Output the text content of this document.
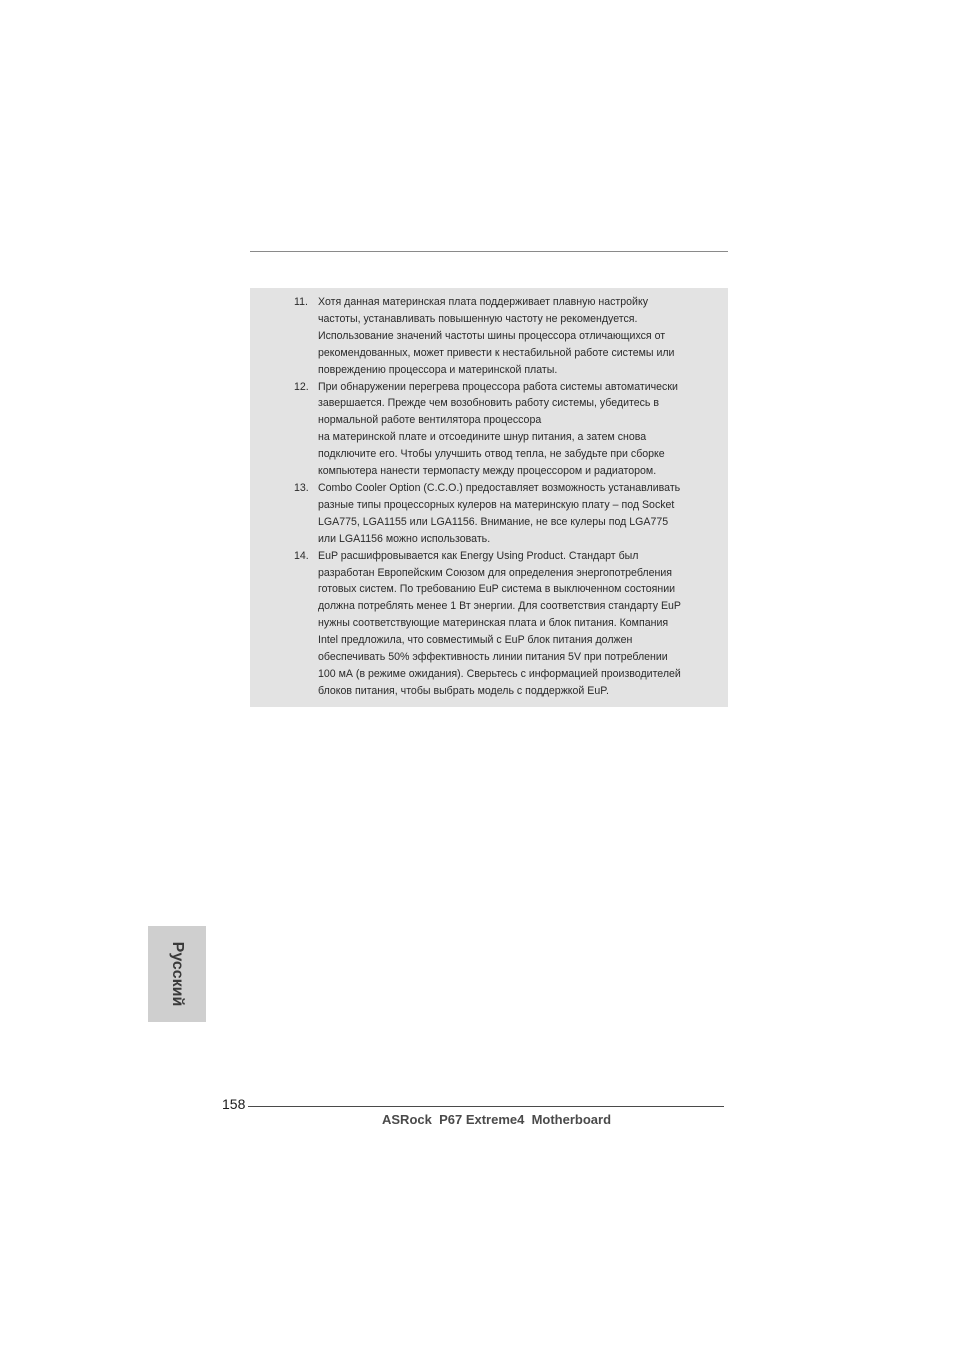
11. Хотя данная материнская плата поддерживает плавную настройку
частоты, устанавливать повышенную частоту не рекомендуется.
Использование значений частоты шины процессора отличающихся от
рекомендованных, может привести к нестабильной работе системы или
повреждению процессора и материнской платы.
12. При обнаружении перегрева процессора работа системы автоматически
завершается. Прежде чем возобновить работу системы, убедитесь в
нормальной работе вентилятора процессора
на материнской плате и отсоедините шнур питания, а затем снова
подключите его. Чтобы улучшить отвод тепла, не забудьте при сборке
компьютера нанести термопасту между процессором и радиатором.
13. Combo Cooler Option (C.C.O.) предоставляет возможность устанавливать
разные типы процессорных кулеров на материнскую плату – под Socket
LGA775, LGA1155 или LGA1156. Внимание, не все кулеры под LGA775
или LGA1156 можно использовать.
14. EuP расшифровывается как Energy Using Product. Стандарт был
разработан Европейским Союзом для определения энергопотребления
готовых систем. По требованию EuP система в выключенном состоянии
должна потреблять менее 1 Вт энергии. Для соответствия стандарту EuP
нужны соответствующие материнская плата и блок питания. Компания
Intel предложила, что совместимый с EuP блок питания должен
обеспечивать 50% эффективность линии питания 5V при потреблении
100 мА (в режиме ожидания). Сверьтесь с информацией производителей
блоков питания, чтобы выбрать модель с поддержкой EuP.
Русский
158
ASRock  P67 Extreme4  Motherboard
